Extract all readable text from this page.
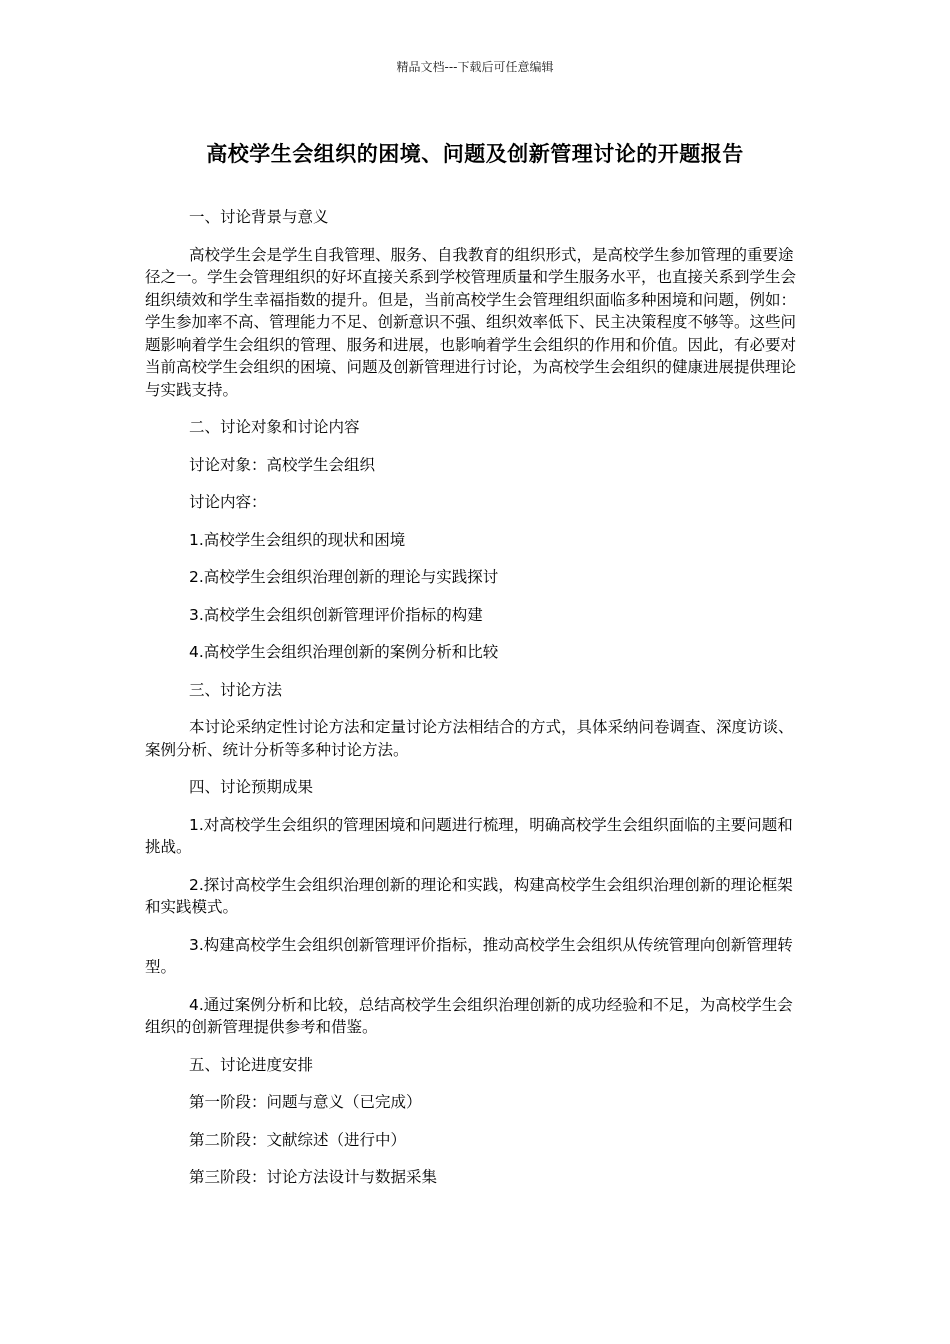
精品文档---下载后可任意编辑
高校学生会组织的困境、问题及创新管理讨论的开题报告
一、讨论背景与意义
高校学生会是学生自我管理、服务、自我教育的组织形式，是高校学生参加管理的重要途径之一。学生会管理组织的好坏直接关系到学校管理质量和学生服务水平，也直接关系到学生会组织绩效和学生幸福指数的提升。但是，当前高校学生会管理组织面临多种困境和问题，例如：学生参加率不高、管理能力不足、创新意识不强、组织效率低下、民主决策程度不够等。这些问题影响着学生会组织的管理、服务和进展，也影响着学生会组织的作用和价值。因此，有必要对当前高校学生会组织的困境、问题及创新管理进行讨论，为高校学生会组织的健康进展提供理论与实践支持。
二、讨论对象和讨论内容
讨论对象：高校学生会组织
讨论内容：
1.高校学生会组织的现状和困境
2.高校学生会组织治理创新的理论与实践探讨
3.高校学生会组织创新管理评价指标的构建
4.高校学生会组织治理创新的案例分析和比较
三、讨论方法
本讨论采纳定性讨论方法和定量讨论方法相结合的方式，具体采纳问卷调查、深度访谈、案例分析、统计分析等多种讨论方法。
四、讨论预期成果
1.对高校学生会组织的管理困境和问题进行梳理，明确高校学生会组织面临的主要问题和挑战。
2.探讨高校学生会组织治理创新的理论和实践，构建高校学生会组织治理创新的理论框架和实践模式。
3.构建高校学生会组织创新管理评价指标，推动高校学生会组织从传统管理向创新管理转型。
4.通过案例分析和比较，总结高校学生会组织治理创新的成功经验和不足，为高校学生会组织的创新管理提供参考和借鉴。
五、讨论进度安排
第一阶段：问题与意义（已完成）
第二阶段：文献综述（进行中）
第三阶段：讨论方法设计与数据采集
